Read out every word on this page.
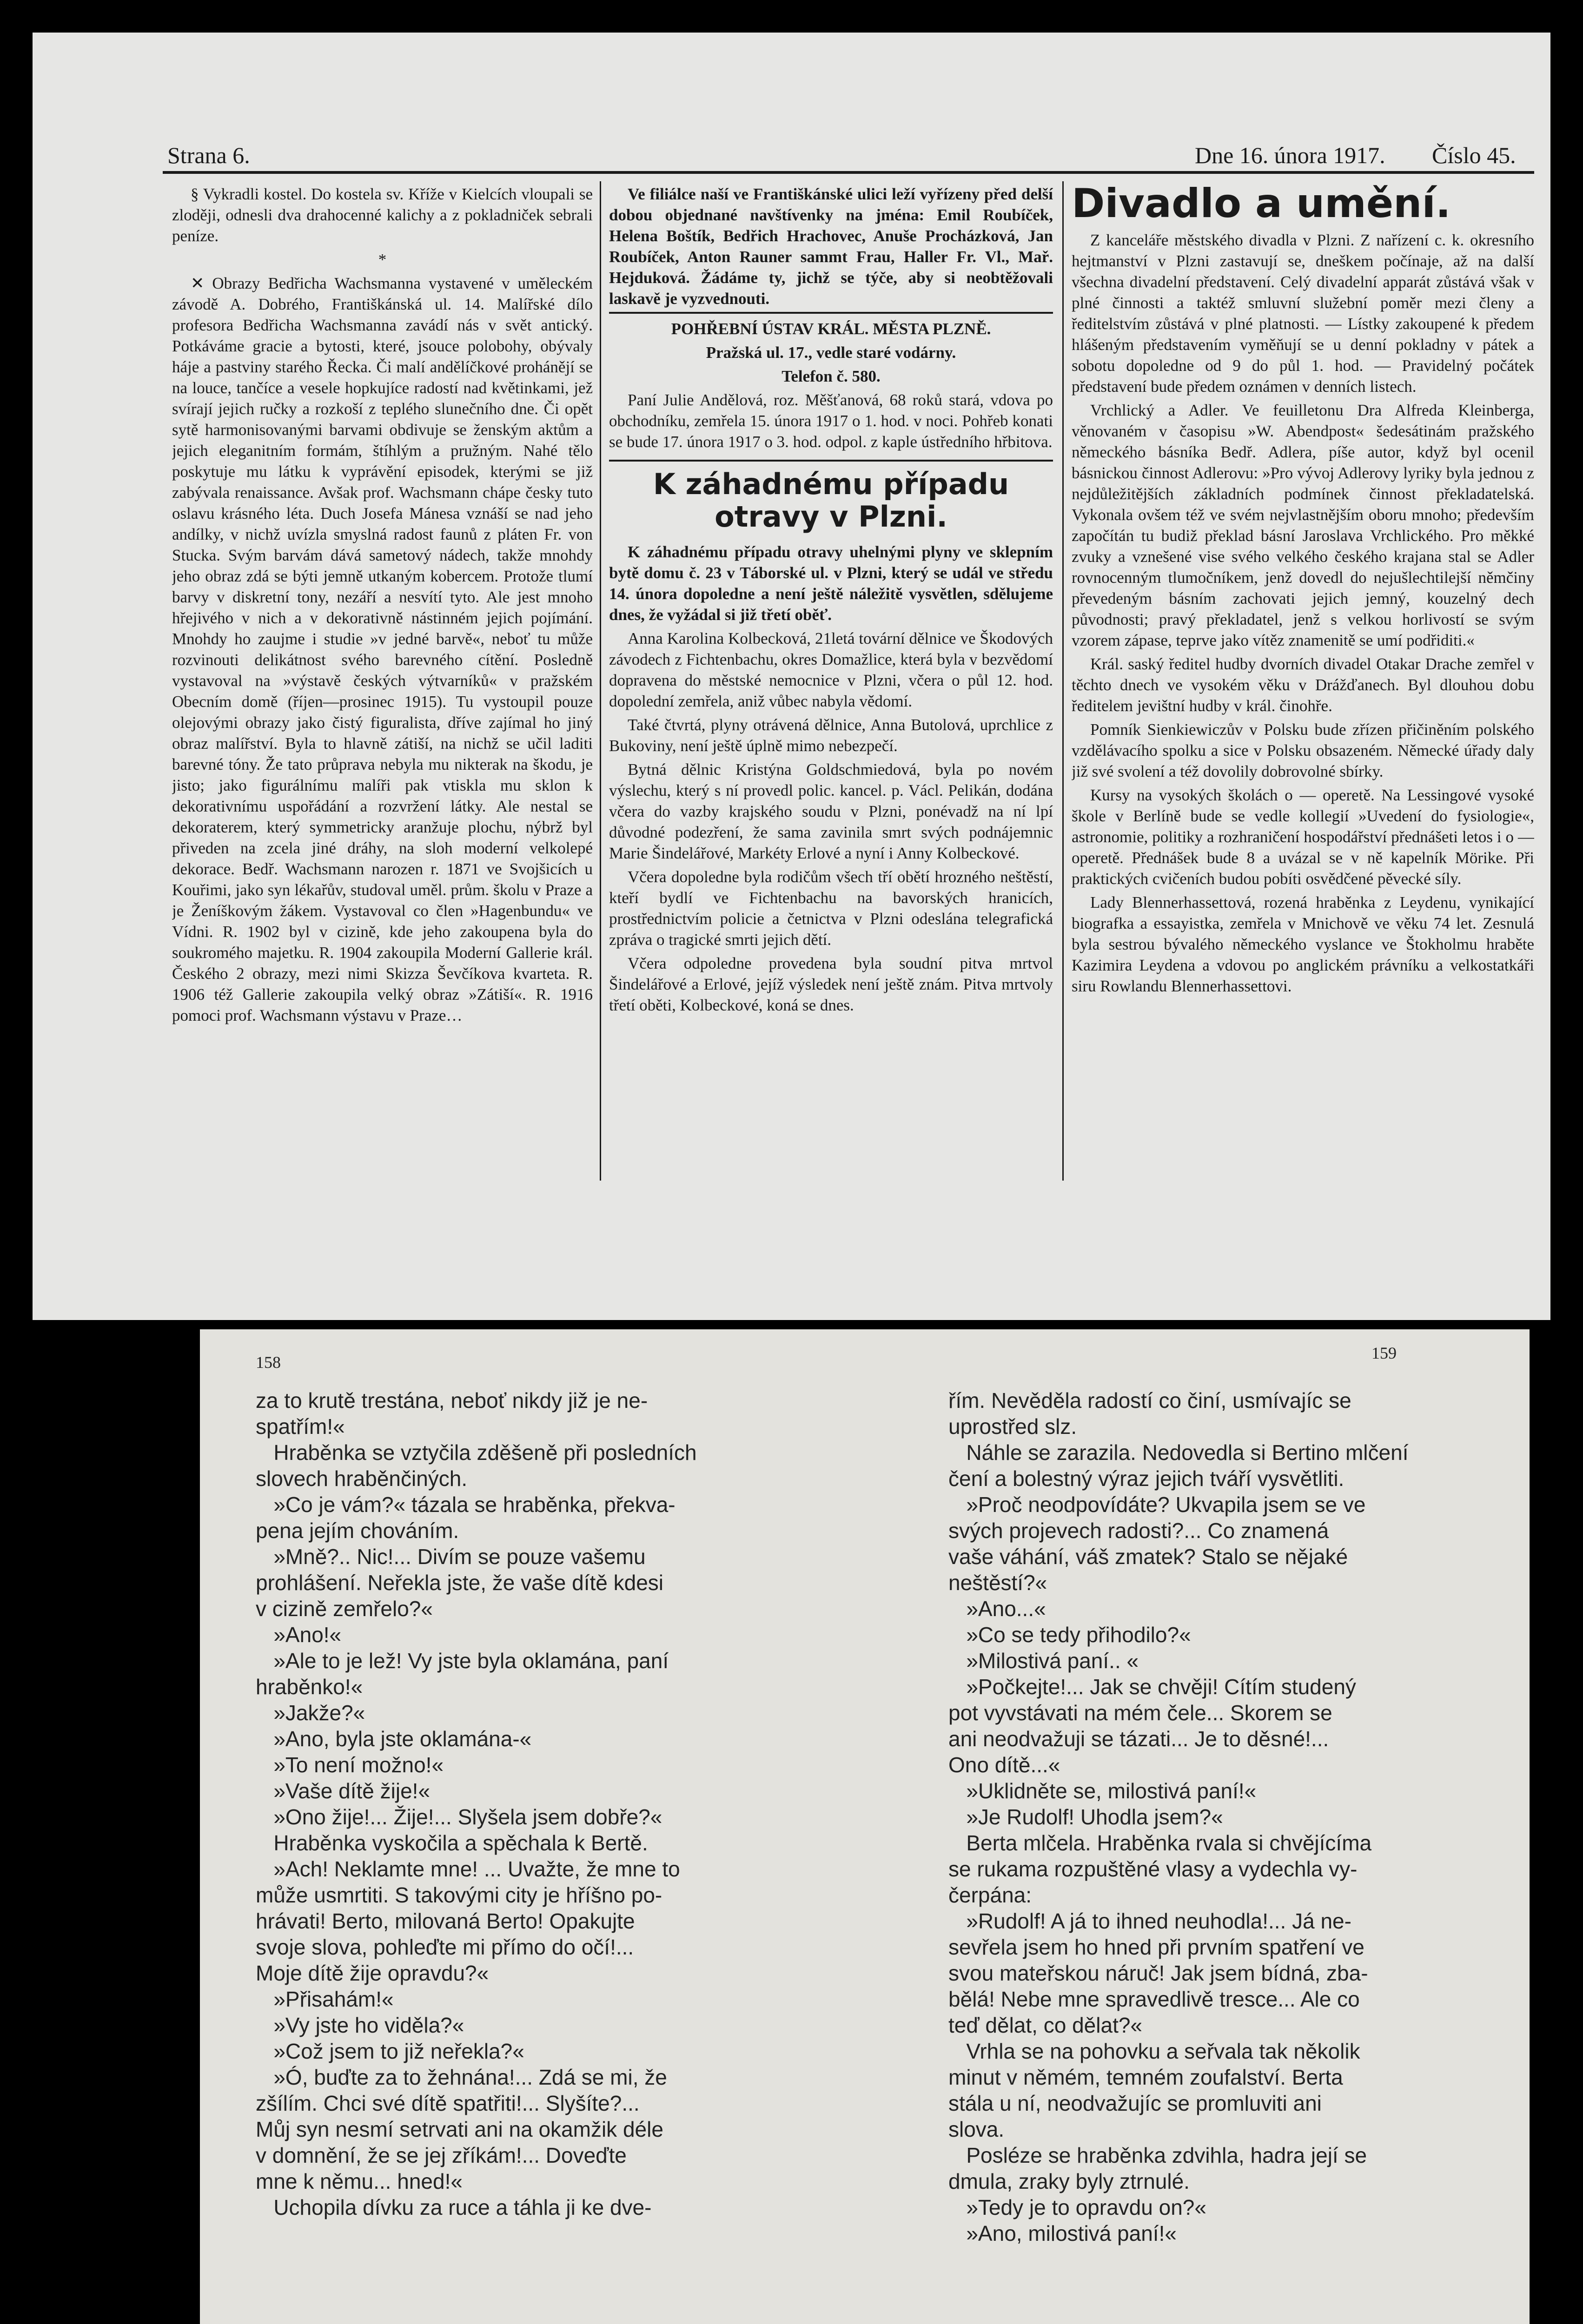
Strana 6.	Dne 16. února 1917. Číslo 45.

§ Vykradli kostel. Do kostela sv. Kříže v Kielcích vloupali se zloději, odnesli dva drahocenné kalichy a z pokladniček sebrali peníze.

*

✕ Obrazy Bedřicha Wachsmanna vystavené v uměleckém závodě A. Dobrého, Františkánská ul. 14. Malířské dílo profesora Bedřicha Wachsmanna zavádí nás v svět antický. Potkáváme gracie a bytosti, které, jsouce polobohy, obývaly háje a pastviny starého Řecka. Či malí andělíčkové prohánějí se na louce, tančíce a vesele hopkujíce radostí nad květinkami, jež svírají jejich ručky a rozkoší z teplého slunečního dne. Či opět sytě harmonisovanými barvami obdivuje se ženským aktům a jejich eleganitním formám, štíhlým a pružným. Nahé tělo poskytuje mu látku k vyprávění episodek, kterými se již zabývala renaissance. Avšak prof. Wachsmann chápe česky tuto oslavu krásného léta. Duch Josefa Mánesa vznáší se nad jeho andílky, v nichž uvízla smyslná radost faunů z pláten Fr. von Stucka. Svým barvám dává sametový nádech, takže mnohdy jeho obraz zdá se býti jemně utkaným kobercem. Protože tlumí barvy v diskretní tony, nezáří a nesvítí tyto. Ale jest mnoho hřejivého v nich a v dekorativně nástinném jejich pojímání. Mnohdy ho zaujme i studie »v jedné barvě«, neboť tu může rozvinouti delikátnost svého barevného cítění. Posledně vystavoval na »výstavě českých výtvarníků« v pražském Obecním domě (říjen—prosinec 1915). Tu vystoupil pouze olejovými obrazy jako čistý figuralista, dříve zajímal ho jiný obraz malířství. Byla to hlavně zátiší, na nichž se učil laditi barevné tóny. Že tato průprava nebyla mu nikterak na škodu, je jisto; jako figurálnímu malíři pak vtiskla mu sklon k dekorativnímu uspořádání a rozvržení látky. Ale nestal se dekoraterem, který symmetricky aranžuje plochu, nýbrž byl přiveden na zcela jiné dráhy, na sloh moderní velkolepé dekorace. Bedř. Wachsmann narozen r. 1871 ve Svojšicích u Kouřimi, jako syn lékařův, studoval uměl. prům. školu v Praze a je Ženíškovým žákem. Vystavoval co člen »Hagenbundu« ve Vídni. R. 1902 byl v cizině, kde jeho zakoupena byla do soukromého majetku. R. 1904 zakoupila Moderní Gallerie král. Českého 2 obrazy, mezi nimi Skizza Ševčíkova kvarteta. R. 1906 též Gallerie zakoupila velký obraz »Zátiší«. R. 1916 pomoci prof. Wachsmann výstavu v Praze…

Ve filiálce naší ve Františkánské ulici leží vyřízeny před delší dobou objednané navštívenky na jména: Emil Roubíček, Helena Boštík, Bedřich Hrachovec, Anuše Procházková, Jan Roubíček, Anton Rauner sammt Frau, Haller Fr. Vl., Mař. Hejduková. Žádáme ty, jichž se týče, aby si neobtěžovali laskavě je vyzvednouti.

POHŘEBNÍ ÚSTAV KRÁL. MĚSTA PLZNĚ.

Pražská ul. 17., vedle staré vodárny.

Telefon č. 580.

Paní Julie Andělová, roz. Měšťanová, 68 roků stará, vdova po obchodníku, zemřela 15. února 1917 o 1. hod. v noci. Pohřeb konati se bude 17. února 1917 o 3. hod. odpol. z kaple ústředního hřbitova.

K záhadnému případu otravy v Plzni.

K záhadnému případu otravy uhelnými plyny ve sklepním bytě domu č. 23 v Táborské ul. v Plzni, který se udál ve středu 14. února dopoledne a není ještě náležitě vysvětlen, sdělujeme dnes, že vyžádal si již třetí oběť.

Anna Karolina Kolbecková, 21letá tovární dělnice ve Škodových závodech z Fichtenbachu, okres Domažlice, která byla v bezvědomí dopravena do městské nemocnice v Plzni, včera o půl 12. hod. dopolední zemřela, aniž vůbec nabyla vědomí.

Také čtvrtá, plyny otrávená dělnice, Anna Butolová, uprchlice z Bukoviny, není ještě úplně mimo nebezpečí.

Bytná dělnic Kristýna Goldschmiedová, byla po novém výslechu, který s ní provedl polic. kancel. p. Václ. Pelikán, dodána včera do vazby krajského soudu v Plzni, ponévadž na ní lpí důvodné podezření, že sama zavinila smrt svých podnájemnic Marie Šindelářové, Markéty Erlové a nyní i Anny Kolbeckové.

Včera dopoledne byla rodičům všech tří obětí hrozného neštěstí, kteří bydlí ve Fichtenbachu na bavorských hranicích, prostřednictvím policie a četnictva v Plzni odeslána telegrafická zpráva o tragické smrti jejich dětí.

Včera odpoledne provedena byla soudní pitva mrtvol Šindelářové a Erlové, jejíž výsledek není ještě znám. Pitva mrtvoly třetí oběti, Kolbeckové, koná se dnes.

Divadlo a umění.

Z kanceláře městského divadla v Plzni. Z nařízení c. k. okresního hejtmanství v Plzni zastavují se, dneškem počínaje, až na další všechna divadelní představení. Celý divadelní apparát zůstává však v plné činnosti a taktéž smluvní služební poměr mezi členy a ředitelstvím zůstává v plné platnosti. — Lístky zakoupené k předem hlášeným představením vyměňují se u denní pokladny v pátek a sobotu dopoledne od 9 do půl 1. hod. — Pravidelný počátek představení bude předem oznámen v denních listech.

Vrchlický a Adler. Ve feuilletonu Dra Alfreda Kleinberga, věnovaném v časopisu »W. Abendpost« šedesátinám pražského německého básníka Bedř. Adlera, píše autor, když byl ocenil básnickou činnost Adlerovu: »Pro vývoj Adlerovy lyriky byla jednou z nejdůležitějších základních podmínek činnost překladatelská. Vykonala ovšem též ve svém nejvlastnějším oboru mnoho; především započítán tu budiž překlad básní Jaroslava Vrchlického. Pro měkké zvuky a vznešené vise svého velkého českého krajana stal se Adler rovnocenným tlumočníkem, jenž dovedl do nejušlechtilejší němčiny převedeným básním zachovati jejich jemný, kouzelný dech původnosti; pravý překladatel, jenž s velkou horlivostí se svým vzorem zápase, teprve jako vítěz znamenitě se umí podřiditi.«

Král. saský ředitel hudby dvorních divadel Otakar Drache zemřel v těchto dnech ve vysokém věku v Drážďanech. Byl dlouhou dobu ředitelem jevištní hudby v král. činohře.

Pomník Sienkiewiczův v Polsku bude zřízen přičiněním polského vzdělávacího spolku a sice v Polsku obsazeném. Německé úřady daly již své svolení a též dovolily dobrovolné sbírky.

Kursy na vysokých školách o — operetě. Na Lessingové vysoké škole v Berlíně bude se vedle kollegií »Uvedení do fysiologie«, astronomie, politiky a rozhraničení hospodářství přednášeti letos i o — operetě. Přednášek bude 8 a uvázal se v ně kapelník Mörike. Při praktických cvičeních budou pobíti osvědčené pěvecké síly.

Lady Blennerhassettová, rozená hraběnka z Leydenu, vynikající biografka a essayistka, zemřela v Mnichově ve věku 74 let. Zesnulá byla sestrou bývalého německého vyslance ve Štokholmu hraběte Kazimira Leydena a vdovou po anglickém právníku a velkostatkáři siru Rowlandu Blennerhassettovi.

158	159

za to krutě trestána, neboť nikdy již je ne-

spatřím!«

Hraběnka se vztyčila zděšeně při posledních

slovech hraběnčiných.

»Co je vám?« tázala se hraběnka, překva-

pena jejím chováním.

»Mně?.. Nic!... Divím se pouze vašemu

prohlášení. Neřekla jste, že vaše dítě kdesi

v cizině zemřelo?«

»Ano!«

»Ale to je lež! Vy jste byla oklamána, paní

hraběnko!«

»Jakže?«

»Ano, byla jste oklamána-«

»To není možno!«

»Vaše dítě žije!«

»Ono žije!... Žije!... Slyšela jsem dobře?«

Hraběnka vyskočila a spěchala k Bertě.

»Ach! Neklamte mne! ... Uvažte, že mne to

může usmrtiti. S takovými city je hříšno po-

hrávati! Berto, milovaná Berto! Opakujte

svoje slova, pohleďte mi přímo do očí!...

Moje dítě žije opravdu?«

»Přisahám!«

»Vy jste ho viděla?«

»Což jsem to již neřekla?«

»Ó, buďte za to žehnána!... Zdá se mi, že

zšílím. Chci své dítě spatřiti!... Slyšíte?...

Můj syn nesmí setrvati ani na okamžik déle

v domnění, že se jej zříkám!... Doveďte

mne k němu... hned!«

Uchopila dívku za ruce a táhla ji ke dve-

řím. Nevěděla radostí co činí, usmívajíc se

uprostřed slz.

Náhle se zarazila. Nedovedla si Bertino mlčení

čení a bolestný výraz jejich tváří vysvětliti.

»Proč neodpovídáte? Ukvapila jsem se ve

svých projevech radosti?... Co znamená

vaše váhání, váš zmatek? Stalo se nějaké

neštěstí?«

»Ano...«

»Co se tedy přihodilo?«

»Milostivá paní.. «

»Počkejte!... Jak se chvěji! Cítím studený

pot vyvstávati na mém čele... Skorem se

ani neodvažuji se tázati... Je to děsné!...

Ono dítě...«

»Uklidněte se, milostivá paní!«

»Je Rudolf! Uhodla jsem?«

Berta mlčela. Hraběnka rvala si chvějícíma

se rukama rozpuštěné vlasy a vydechla vy-

čerpána:

»Rudolf! A já to ihned neuhodla!... Já ne-

sevřela jsem ho hned při prvním spatření ve

svou mateřskou náruč! Jak jsem bídná, zba-

bělá! Nebe mne spravedlivě tresce... Ale co

teď dělat, co dělat?«

Vrhla se na pohovku a seřvala tak několik

minut v němém, temném zoufalství. Berta

stála u ní, neodvažujíc se promluviti ani

slova.

Posléze se hraběnka zdvihla, hadra její se

dmula, zraky byly ztrnulé.

»Tedy je to opravdu on?«

»Ano, milostivá paní!«
